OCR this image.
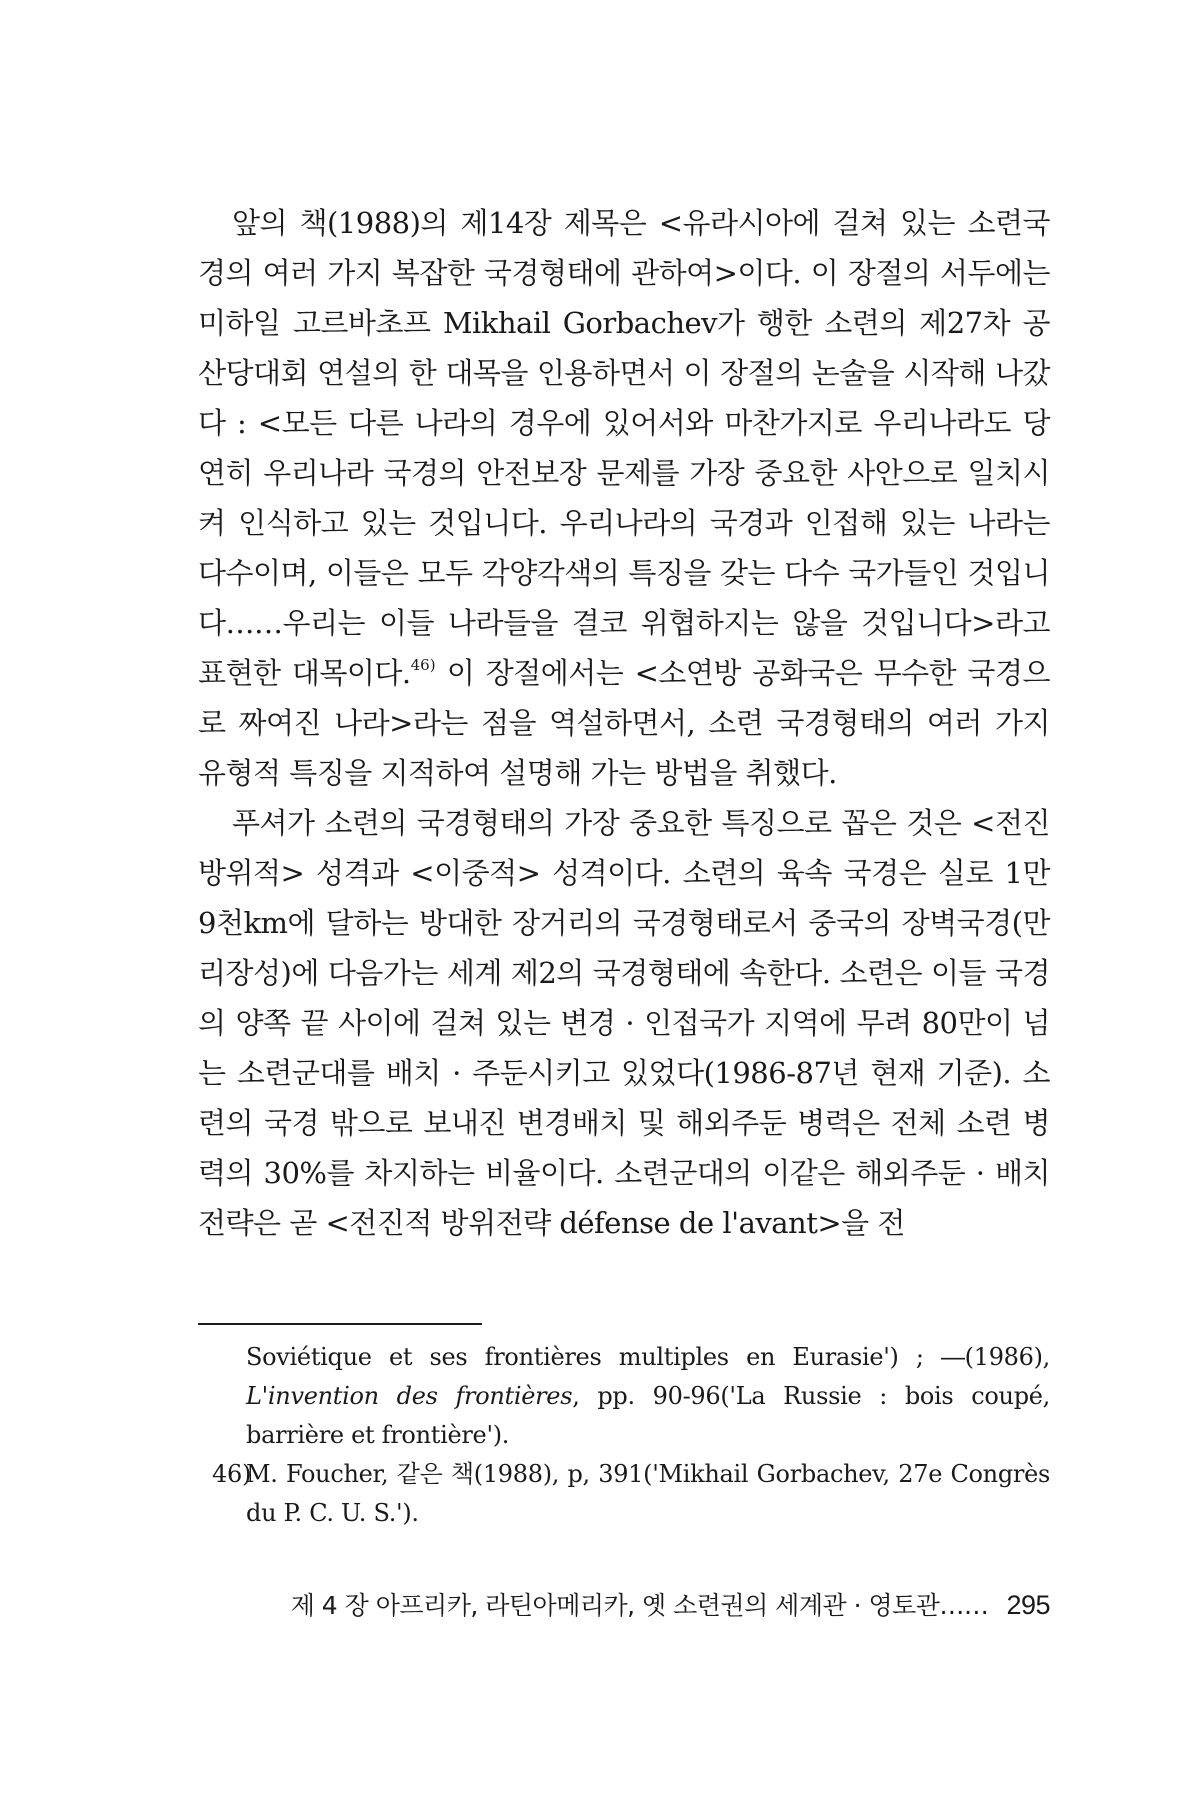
앞의 책(1988)의 제14장 제목은 <유라시아에 걸쳐 있는 소련국경의 여러 가지 복잡한 국경형태에 관하여>이다. 이 장절의 서두에는 미하일 고르바초프 Mikhail Gorbachev가 행한 소련의 제27차 공산당대회 연설의 한 대목을 인용하면서 이 장절의 논술을 시작해 나갔다 : <모든 다른 나라의 경우에 있어서와 마찬가지로 우리나라도 당연히 우리나라 국경의 안전보장 문제를 가장 중요한 사안으로 일치시켜 인식하고 있는 것입니다. 우리나라의 국경과 인접해 있는 나라는 다수이며, 이들은 모두 각양각색의 특징을 갖는 다수 국가들인 것입니다……우리는 이들 나라들을 결코 위협하지는 않을 것입니다>라고 표현한 대목이다.$^{46)}$ 이 장절에서는 <소연방 공화국은 무수한 국경으로 짜여진 나라>라는 점을 역설하면서, 소련 국경형태의 여러 가지 유형적 특징을 지적하여 설명해 가는 방법을 취했다.

푸셔가 소련의 국경형태의 가장 중요한 특징으로 꼽은 것은 <전진방위적> 성격과 <이중적> 성격이다. 소련의 육속 국경은 실로 1만 9천km에 달하는 방대한 장거리의 국경형태로서 중국의 장벽국경(만리장성)에 다음가는 세계 제2의 국경형태에 속한다. 소련은 이들 국경의 양쪽 끝 사이에 걸쳐 있는 변경 · 인접국가 지역에 무려 80만이 넘는 소련군대를 배치 · 주둔시키고 있었다(1986-87년 현재 기준). 소련의 국경 밖으로 보내진 변경배치 및 해외주둔 병력은 전체 소련 병력의 30%를 차지하는 비율이다. 소련군대의 이같은 해외주둔 · 배치전략은 곧 <전진적 방위전략 défense de l'avant>을 전

Soviétique et ses frontières multiples en Eurasie') ; ―(1986), L'invention des frontières, pp. 90-96('La Russie : bois coupé, barrière et frontière').

46)
M. Foucher, 같은 책(1988), p, 391('Mikhail Gorbachev, 27e Congrès du P. C. U. S.').

제 4 장 아프리카, 라틴아메리카, 옛 소련권의 세계관 · 영토관…… 295
